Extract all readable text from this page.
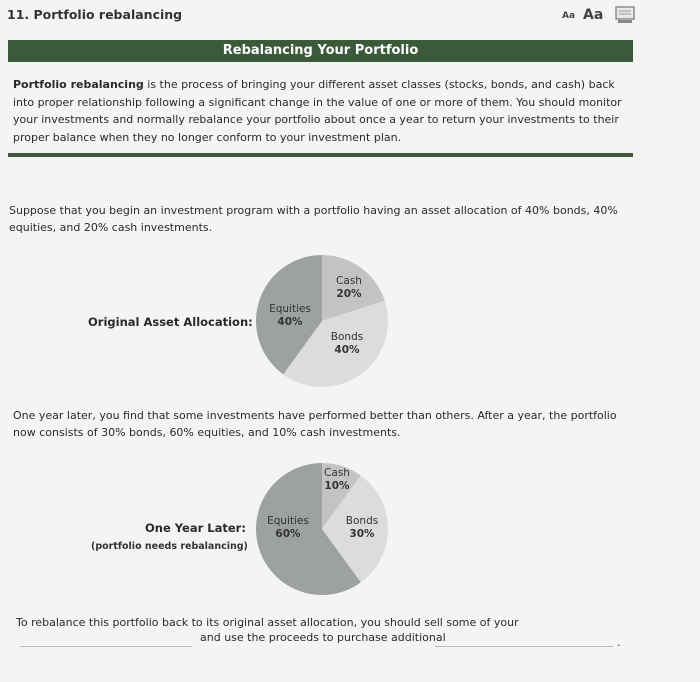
11. Portfolio rebalancing	Aa Aa
Rebalancing Your Portfolio
Portfolio rebalancing is the process of bringing your different asset classes (stocks, bonds, and cash) back into proper relationship following a significant change in the value of one or more of them. You should monitor your investments and normally rebalance your portfolio about once a year to return your investments to their proper balance when they no longer conform to your investment plan.
Suppose that you begin an investment program with a portfolio having an asset allocation of 40% bonds, 40% equities, and 20% cash investments.
Original Asset Allocation:
Cash
20%
Bonds
40%
Equities
40%
One year later, you find that some investments have performed better than others. After a year, the portfolio now consists of 30% bonds, 60% equities, and 10% cash investments.
One Year Later:
(portfolio needs rebalancing)
Cash
10%
Bonds
30%
Equities
60%
To rebalance this portfolio back to its original asset allocation, you should sell some of your
and use the proceeds to purchase additional	.
